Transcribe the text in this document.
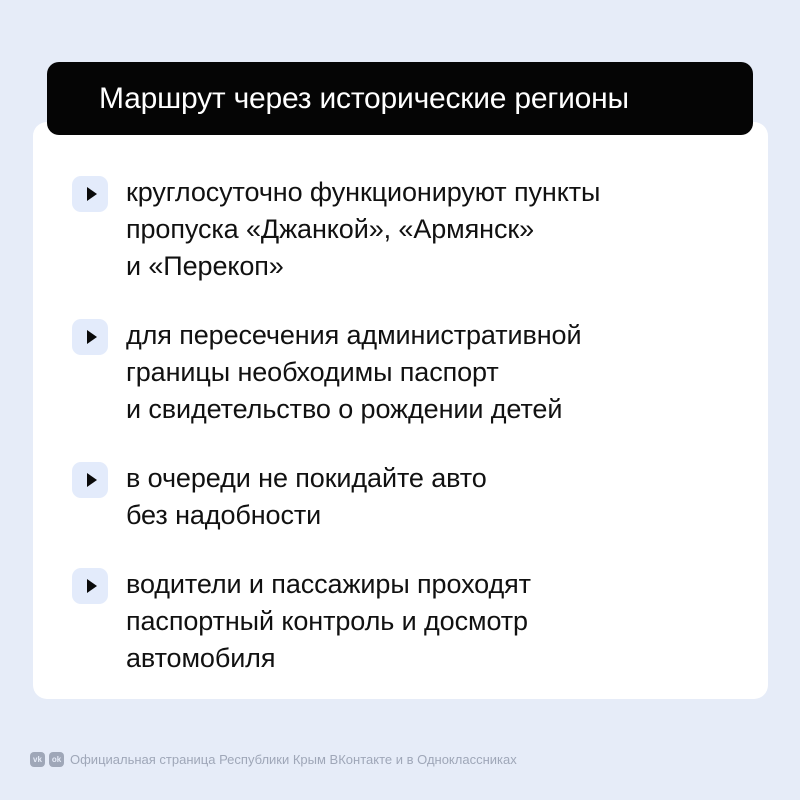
Маршрут через исторические регионы
круглосуточно функционируют пункты
пропуска «Джанкой», «Армянск»
и «Перекоп»
для пересечения административной
границы необходимы паспорт
и свидетельство о рождении детей
в очереди не покидайте авто
без надобности
водители и пассажиры проходят
паспортный контроль и досмотр
автомобиля
vk	ok Официальная страница Республики Крым ВКонтакте и в Одноклассниках
